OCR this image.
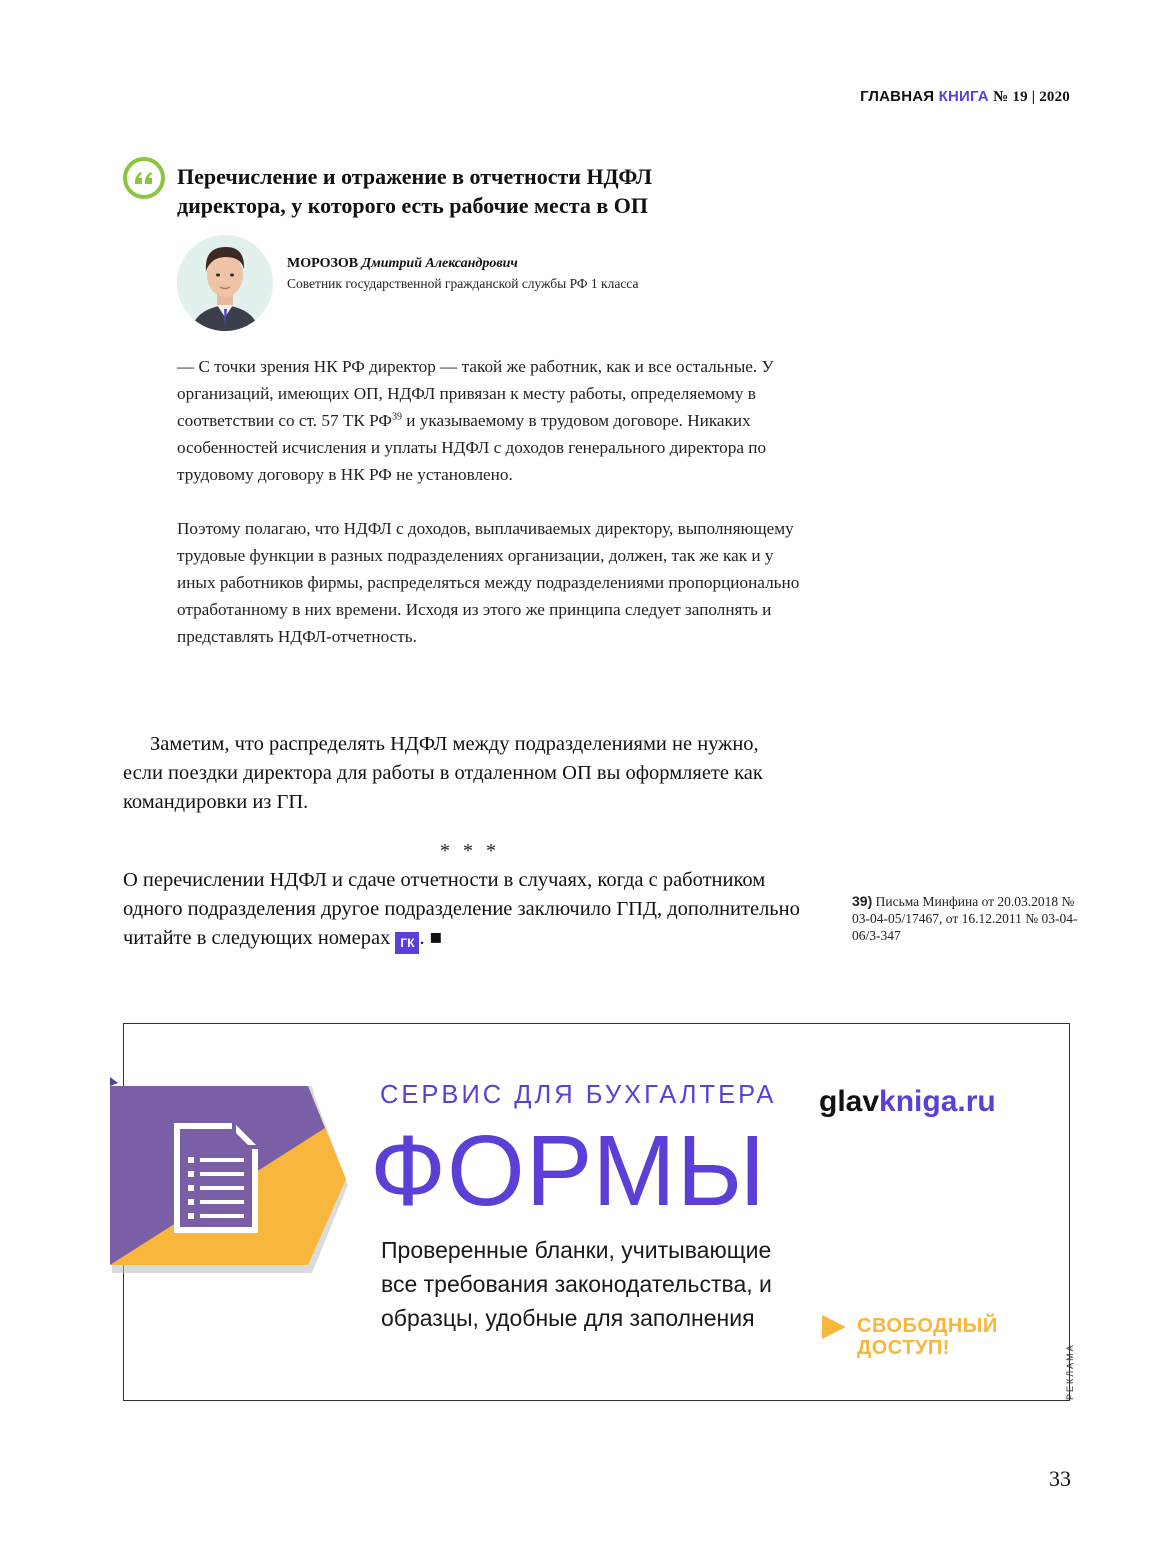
ГЛАВНАЯ КНИГА № 19 | 2020
Перечисление и отражение в отчетности НДФЛ директора, у которого есть рабочие места в ОП
МОРОЗОВ Дмитрий Александрович
Советник государственной гражданской службы РФ 1 класса

— С точки зрения НК РФ директор — такой же работник, как и все остальные. У организаций, имеющих ОП, НДФЛ привязан к месту работы, определяемому в соответствии со ст. 57 ТК РФ$^{39}$ и указываемому в трудовом договоре. Никаких особенностей исчисления и уплаты НДФЛ с доходов генерального директора по трудовому договору в НК РФ не установлено.

Поэтому полагаю, что НДФЛ с доходов, выплачиваемых директору, выполняющему трудовые функции в разных подразделениях организации, должен, так же как и у иных работников фирмы, распределяться между подразделениями пропорционально отработанному в них времени. Исходя из этого же принципа следует заполнять и представлять НДФЛ-отчетность.

Заметим, что распределять НДФЛ между подразделениями не нужно, если поездки директора для работы в отдаленном ОП вы оформляете как командировки из ГП.
* * *
О перечислении НДФЛ и сдаче отчетности в случаях, когда с работником одного подразделения другое подразделение заключило ГПД, дополнительно читайте в следующих номерах ГК . ■
39) Письма Минфина от 20.03.2018 № 03-04-05/17467, от 16.12.2011 № 03-04-06/3-347
СЕРВИС ДЛЯ БУХГАЛТЕРА
ФОРМЫ
Проверенные бланки, учитывающие все требования законодательства, и образцы, удобные для заполнения
glavkniga.ru
СВОБОДНЫЙ
ДОСТУП!	РЕКЛАМА
33
